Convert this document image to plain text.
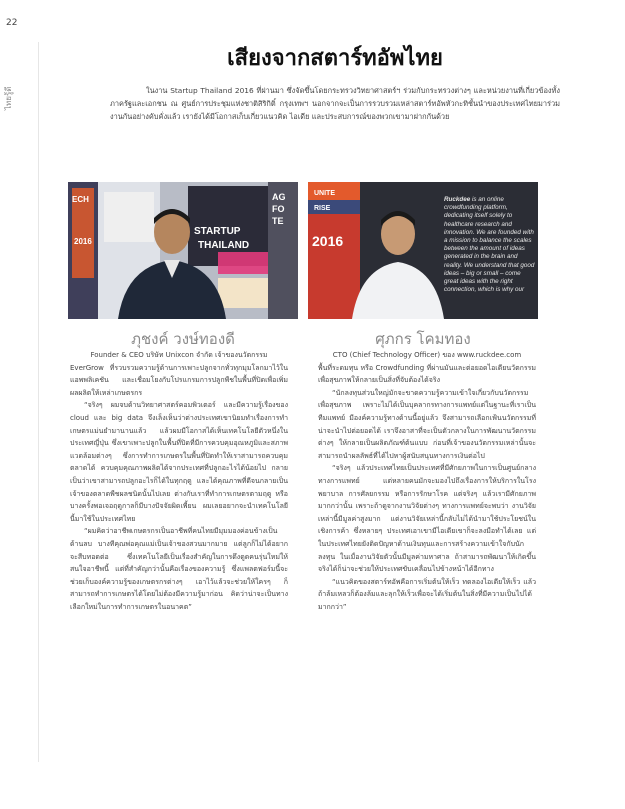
22
ไทยรู้ดี
เสียงจากสตาร์ทอัพไทย

ในงาน Startup Thailand 2016 ที่ผ่านมา ซึ่งจัดขึ้นโดยกระทรวงวิทยาศาสตร์ฯ ร่วมกับกระทรวงต่างๆ และหน่วยงานที่เกี่ยวข้องทั้งภาครัฐและเอกชน ณ ศูนย์การประชุมแห่งชาติสิริกิติ์ กรุงเทพฯ นอกจากจะเป็นการรวบรวมเหล่าสตาร์ทอัพหัวกะทิชั้นนำของประเทศไทยมาร่วมงานกันอย่างคับคั่งแล้ว เรายังได้มีโอกาสเก็บเกี่ยวแนวคิด ไอเดีย และประสบการณ์ของพวกเขามาฝากกันด้วย

ECH
2016
STARTUP
THAILAND
AG
FO
TE
UNITE
RISE
2016
Ruckdee is an online crowdfunding platform, dedicating itself solely to healthcare research and innovation. We are founded with a mission to balance the scales between the amount of ideas generated in the brain and reality. We understand that good ideas – big or small – come great ideas with the right connection, which is why our
ภุชงค์ วงษ์ทองดี	ศุภกร โคมทอง

Founder & CEO บริษัท Unixcon จำกัด เจ้าของนวัตกรรม

EverGrow ที่รวบรวมความรู้ด้านการเพาะปลูกจากทั่วทุกมุมโลกมาไว้ในแอพพลิเคชัน และเชื่อมโยงกับโปรแกรมการปลูกพืชในพื้นที่ปิดเพื่อเพิ่มผลผลิตให้เหล่าเกษตรกร

“จริงๆ ผมจบด้านวิทยาศาสตร์คอมพิวเตอร์ และมีความรู้เรื่องของ cloud และ big data จึงเล็งเห็นว่าต่างประเทศเขานิยมทำเรื่องการทำเกษตรแม่นยำมานานแล้ว แล้วผมมีโอกาสได้เห็นเทคโนโลยีตัวหนึ่งในประเทศญี่ปุ่น ซึ่งเขาเพาะปลูกในพื้นที่ปิดที่มีการควบคุมอุณหภูมิและสภาพแวดล้อมต่างๆ ซึ่งการทำการเกษตรในพื้นที่ปิดทำให้เราสามารถควบคุมตลาดได้ ควบคุมคุณภาพผลิตได้จากประเทศที่ปลูกอะไรได้น้อยไป กลายเป็นว่าเขาสามารถปลูกอะไรก็ได้ในทุกฤดู และได้คุณภาพที่ดีจนกลายเป็นเจ้าของตลาดพืชผลชนิดนั้นไปเลย ต่างกับเราที่ทำการเกษตรตามฤดู หรือบางครั้งพอเจอฤดูกาลก็มีบางปัจจัยผิดเพี้ยน ผมเลยอยากจะนำเทคโนโลยีนี้มาใช้ในประเทศไทย

“ผมคิดว่าอาชีพเกษตรกรเป็นอาชีพที่คนไทยมีมุมมองค่อนข้างเป็นด้านลบ บางทีคุณพ่อคุณแม่เป็นเจ้าของสวนมากมาย แต่ลูกก็ไม่ได้อยากจะสืบทอดต่อ ซึ่งเทคโนโลยีเป็นเรื่องสำคัญในการดึงดูดคนรุ่นใหม่ให้สนใจอาชีพนี้ แต่ที่สำคัญกว่านั้นคือเรื่องของความรู้ ซึ่งแพลตฟอร์มนี้จะช่วยเก็บองค์ความรู้ของเกษตรกรต่างๆ เอาไว้แล้วจะช่วยให้ใครๆ ก็สามารถทำการเกษตรได้โดยไม่ต้องมีความรู้มาก่อน คิดว่าน่าจะเป็นทางเลือกใหม่ในการทำการเกษตรในอนาคต”

CTO (Chief Technology Officer) ของ www.ruckdee.com

พื้นที่ระดมทุน หรือ Crowdfunding ที่ผ่านมันและต่อยอดไอเดียนวัตกรรมเพื่อสุขภาพให้กลายเป็นสิ่งที่จับต้องได้จริง

“นักลงทุนส่วนใหญ่มักจะขาดความรู้ความเข้าใจเกี่ยวกับนวัตกรรมเพื่อสุขภาพ เพราะไม่ได้เป็นบุคลากรทางการแพทย์แต่ในฐานะที่เราเป็นทีมแพทย์ มีองค์ความรู้ทางด้านนี้อยู่แล้ว จึงสามารถเลือกเฟ้นนวัตกรรมที่น่าจะนำไปต่อยอดได้ เราจึงอาสาที่จะเป็นตัวกลางในการพัฒนานวัตกรรมต่างๆ ให้กลายเป็นผลิตภัณฑ์ต้นแบบ ก่อนที่เจ้าของนวัตกรรมเหล่านั้นจะสามารถนำผลลัพธ์ที่ได้ไปหาผู้สนับสนุนทางการเงินต่อไป

“จริงๆ แล้วประเทศไทยเป็นประเทศที่มีศักยภาพในการเป็นศูนย์กลางทางการแพทย์ แต่หลายคนมักจะมองไปถึงเรื่องการให้บริการในโรงพยาบาล การศัลยกรรม หรือการรักษาโรค แต่จริงๆ แล้วเรามีศักยภาพมากกว่านั้น เพราะถ้าดูจากงานวิจัยต่างๆ ทางการแพทย์จะพบว่า งานวิจัยเหล่านี้มีมูลค่าสูงมาก แต่งานวิจัยเหล่านี้กลับไม่ได้นำมาใช้ประโยชน์ในเชิงการค้า ซึ่งหลายๆ ประเทศเอาเขามีไอเดียเขาก็จะลงมือทำได้เลย แต่ในประเทศไทยยังติดปัญหาด้านเงินทุนและการสร้างความเข้าใจกับนักลงทุน ในเมื่องานวิจัยตัวนั้นมีมูลค่ามหาศาล ถ้าสามารถพัฒนาให้เกิดขึ้นจริงได้ก็น่าจะช่วยให้ประเทศขับเคลื่อนไปข้างหน้าได้อีกทาง

“แนวคิดของสตาร์ทอัพคือการเริ่มต้นให้เร็ว ทดลองไอเดียให้เร็ว แล้วถ้าล้มเหลวก็ต้องล้มและลุกให้เร็วเพื่อจะได้เริ่มต้นในสิ่งที่มีความเป็นไปได้มากกว่า”
